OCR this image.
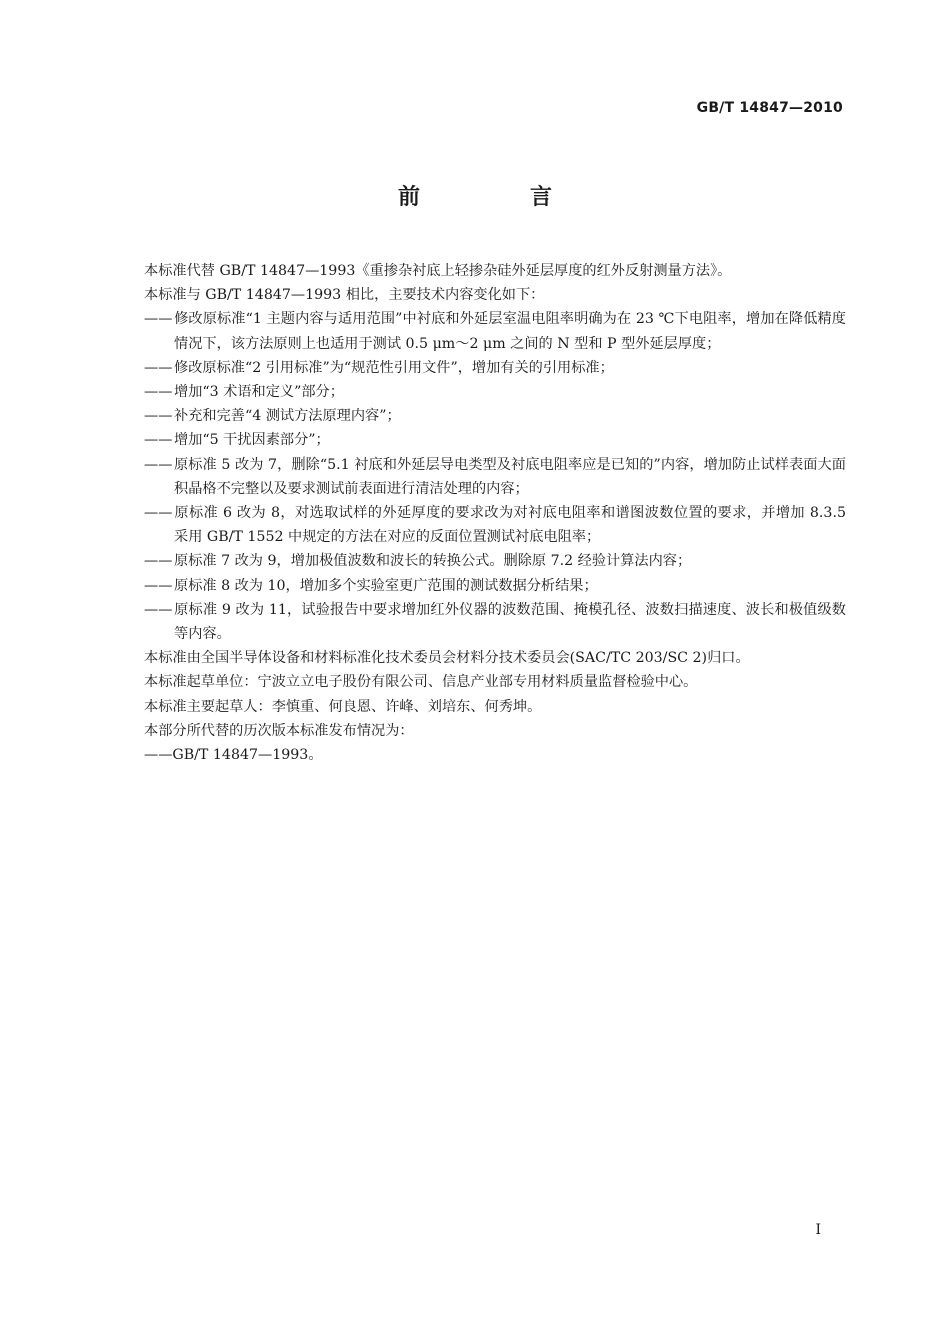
GB/T 14847—2010
前　言

本标准代替 GB/T 14847—1993《重掺杂衬底上轻掺杂硅外延层厚度的红外反射测量方法》。

本标准与 GB/T 14847—1993 相比，主要技术内容变化如下：

—— 修改原标准“1 主题内容与适用范围”中衬底和外延层室温电阻率明确为在 23 ℃下电阻率，增加在降低精度情况下，该方法原则上也适用于测试 0.5 μm～2 μm 之间的 N 型和 P 型外延层厚度；

—— 修改原标准“2 引用标准”为“规范性引用文件”，增加有关的引用标准；

—— 增加“3 术语和定义”部分；

—— 补充和完善“4 测试方法原理内容”；

—— 增加“5 干扰因素部分”；

—— 原标准 5 改为 7，删除“5.1 衬底和外延层导电类型及衬底电阻率应是已知的”内容，增加防止试样表面大面积晶格不完整以及要求测试前表面进行清洁处理的内容；

—— 原标准 6 改为 8，对选取试样的外延厚度的要求改为对衬底电阻率和谱图波数位置的要求，并增加 8.3.5 采用 GB/T 1552 中规定的方法在对应的反面位置测试衬底电阻率；

—— 原标准 7 改为 9，增加极值波数和波长的转换公式。删除原 7.2 经验计算法内容；

—— 原标准 8 改为 10，增加多个实验室更广范围的测试数据分析结果；

—— 原标准 9 改为 11，试验报告中要求增加红外仪器的波数范围、掩模孔径、波数扫描速度、波长和极值级数等内容。

本标准由全国半导体设备和材料标准化技术委员会材料分技术委员会(SAC/TC 203/SC 2)归口。

本标准起草单位：宁波立立电子股份有限公司、信息产业部专用材料质量监督检验中心。

本标准主要起草人：李慎重、何良恩、许峰、刘培东、何秀坤。

本部分所代替的历次版本标准发布情况为：

——GB/T 14847—1993。

I
